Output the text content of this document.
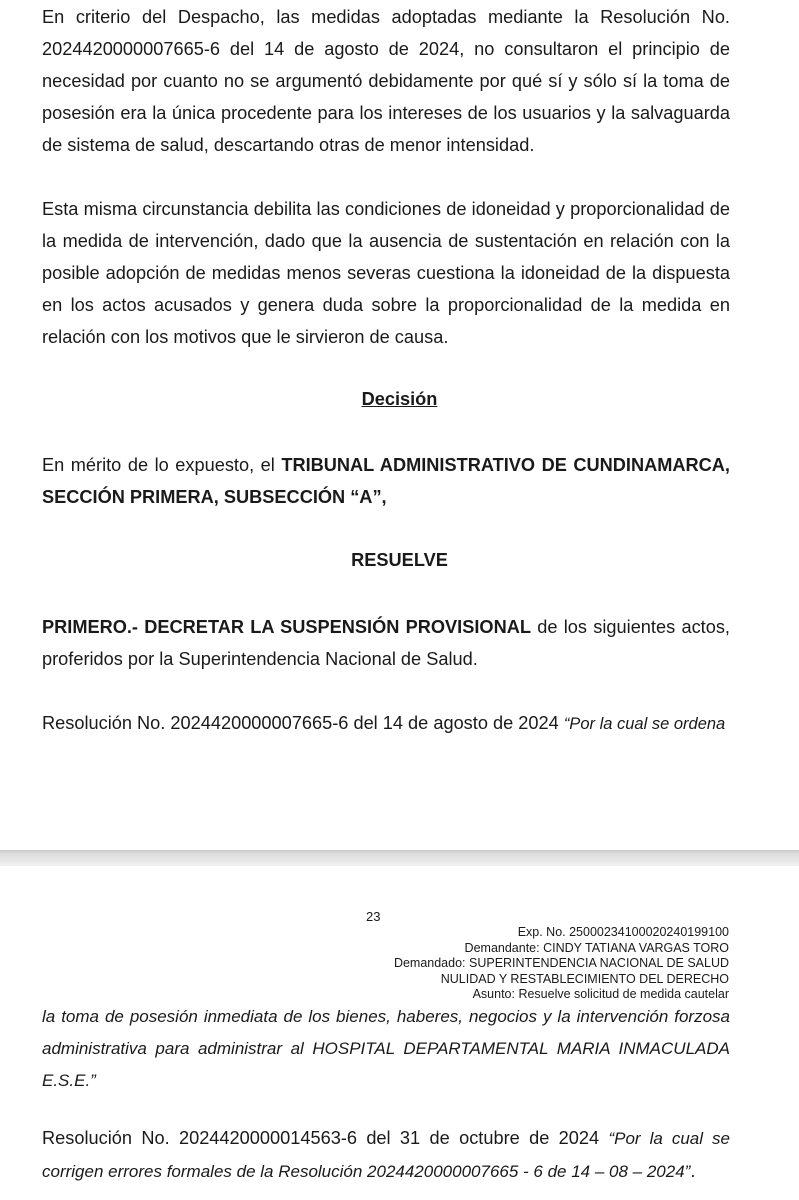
En criterio del Despacho, las medidas adoptadas mediante la Resolución No. 2024420000007665-6 del 14 de agosto de 2024, no consultaron el principio de necesidad por cuanto no se argumentó debidamente por qué sí y sólo sí la toma de posesión era la única procedente para los intereses de los usuarios y la salvaguarda de sistema de salud, descartando otras de menor intensidad.

Esta misma circunstancia debilita las condiciones de idoneidad y proporcionalidad de la medida de intervención, dado que la ausencia de sustentación en relación con la posible adopción de medidas menos severas cuestiona la idoneidad de la dispuesta en los actos acusados y genera duda sobre la proporcionalidad de la medida en relación con los motivos que le sirvieron de causa.

Decisión

En mérito de lo expuesto, el TRIBUNAL ADMINISTRATIVO DE CUNDINAMARCA, SECCIÓN PRIMERA, SUBSECCIÓN “A”,

RESUELVE

PRIMERO.- DECRETAR LA SUSPENSIÓN PROVISIONAL de los siguientes actos, proferidos por la Superintendencia Nacional de Salud.

Resolución No. 2024420000007665-6 del 14 de agosto de 2024 “Por la cual se ordena

23

Exp. No. 25000234100020240199100
Demandante: CINDY TATIANA VARGAS TORO
Demandado: SUPERINTENDENCIA NACIONAL DE SALUD
NULIDAD Y RESTABLECIMIENTO DEL DERECHO
Asunto: Resuelve solicitud de medida cautelar

la toma de posesión inmediata de los bienes, haberes, negocios y la intervención forzosa administrativa para administrar al HOSPITAL DEPARTAMENTAL MARIA INMACULADA E.S.E.”

Resolución No. 2024420000014563-6 del 31 de octubre de 2024 “Por la cual se corrigen errores formales de la Resolución 2024420000007665 - 6 de 14 – 08 – 2024”.
